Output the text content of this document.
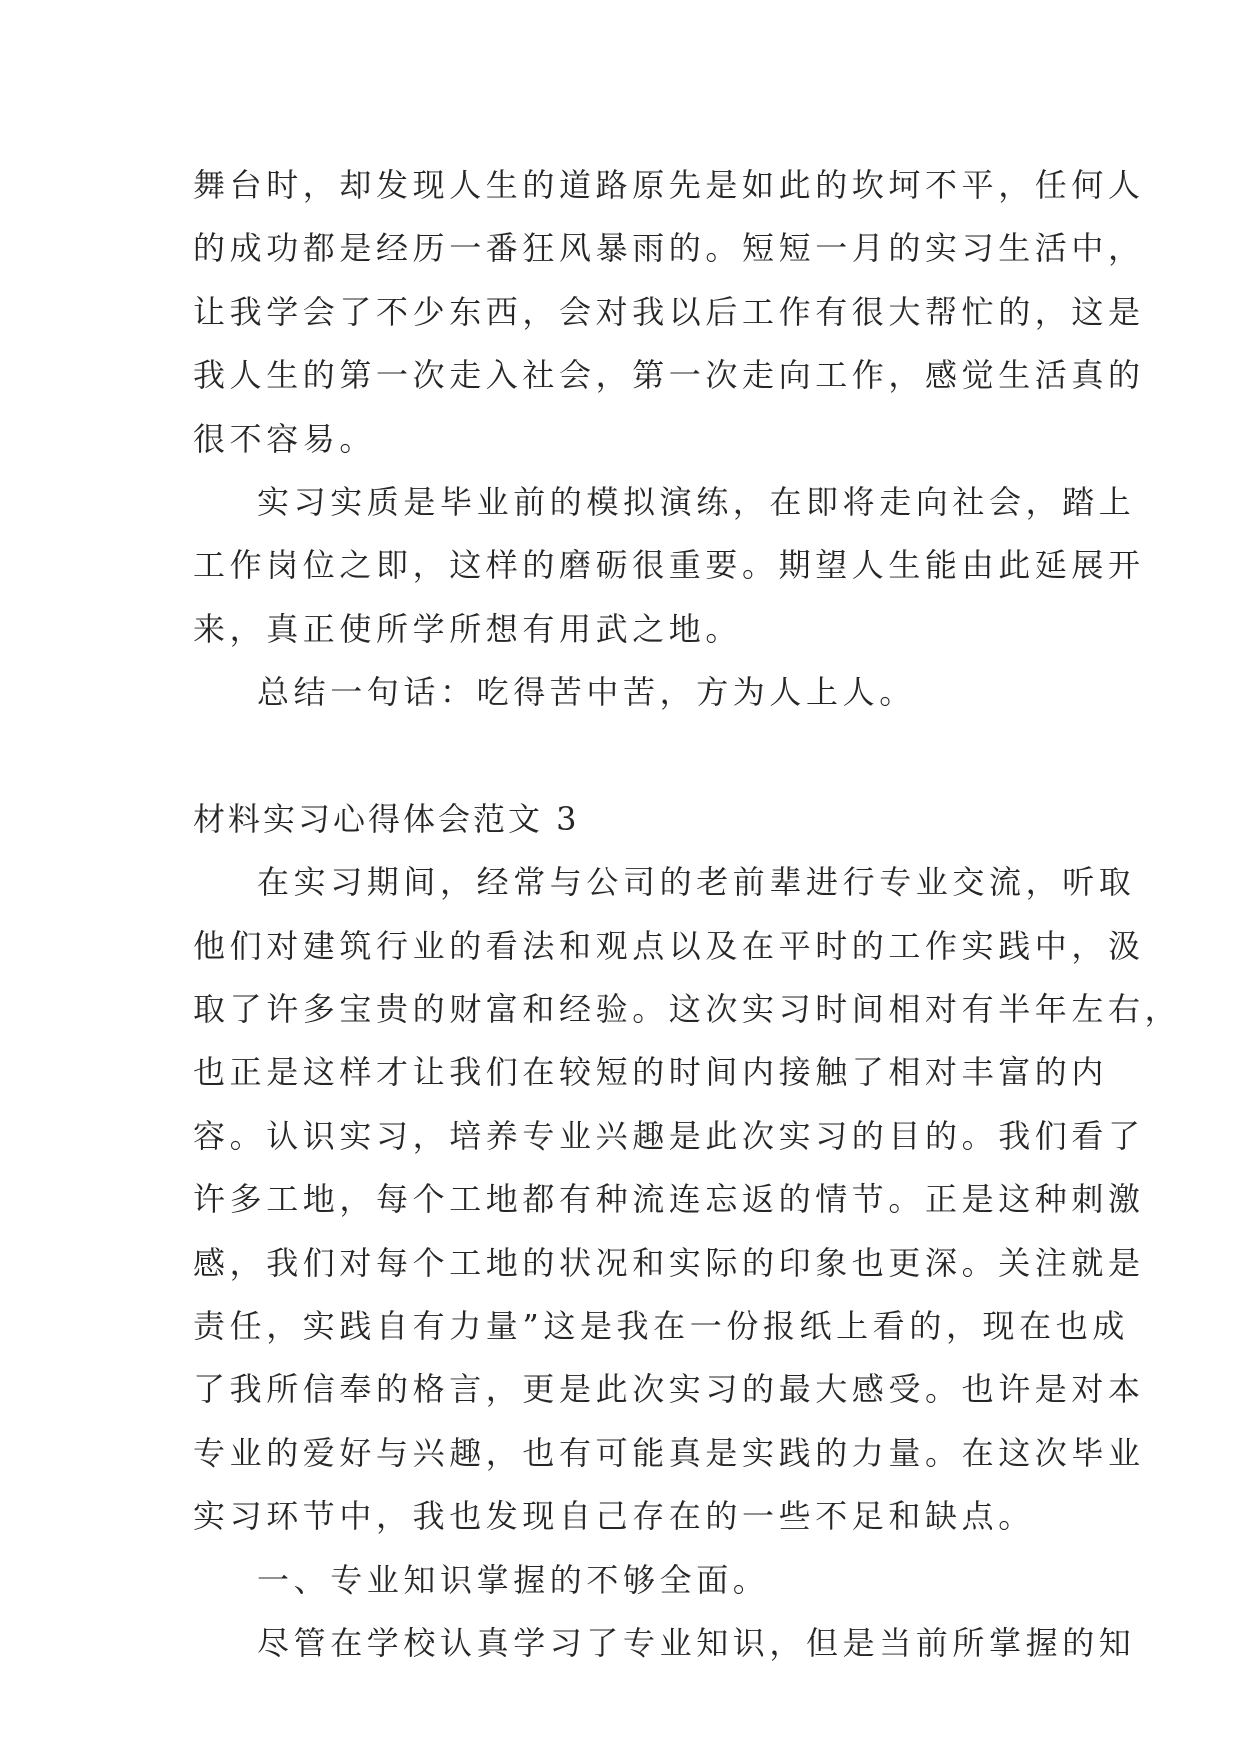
舞台时，却发现人生的道路原先是如此的坎坷不平，任何人
的成功都是经历一番狂风暴雨的。短短一月的实习生活中，
让我学会了不少东西，会对我以后工作有很大帮忙的，这是
我人生的第一次走入社会，第一次走向工作，感觉生活真的
很不容易。
实习实质是毕业前的模拟演练，在即将走向社会，踏上
工作岗位之即，这样的磨砺很重要。期望人生能由此延展开
来，真正使所学所想有用武之地。
总结一句话：吃得苦中苦，方为人上人。
材料实习心得体会范文 3
在实习期间，经常与公司的老前辈进行专业交流，听取
他们对建筑行业的看法和观点以及在平时的工作实践中，汲
取了许多宝贵的财富和经验。这次实习时间相对有半年左右，
也正是这样才让我们在较短的时间内接触了相对丰富的内
容。认识实习，培养专业兴趣是此次实习的目的。我们看了
许多工地，每个工地都有种流连忘返的情节。正是这种刺激
感，我们对每个工地的状况和实际的印象也更深。关注就是
责任，实践自有力量”这是我在一份报纸上看的，现在也成
了我所信奉的格言，更是此次实习的最大感受。也许是对本
专业的爱好与兴趣，也有可能真是实践的力量。在这次毕业
实习环节中，我也发现自己存在的一些不足和缺点。
一、专业知识掌握的不够全面。
尽管在学校认真学习了专业知识，但是当前所掌握的知
